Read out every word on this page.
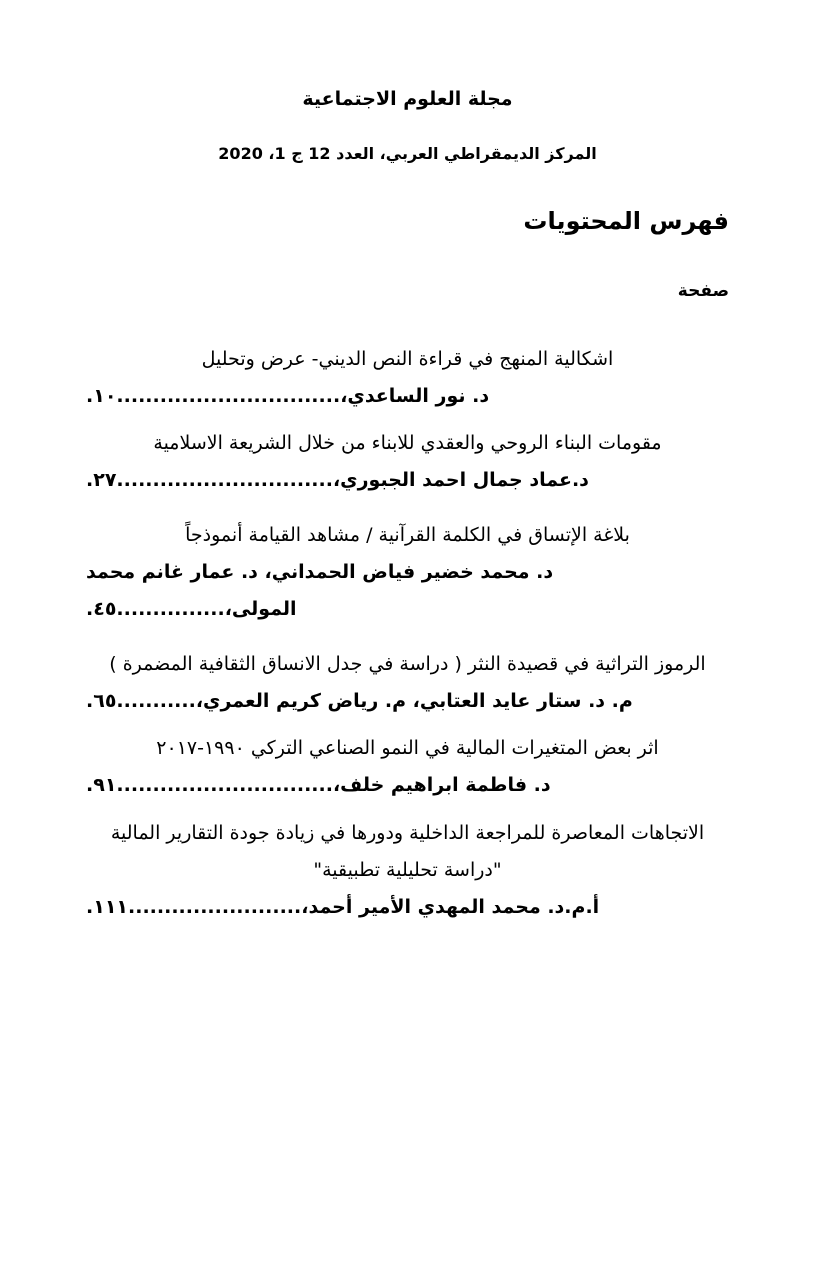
مجلة العلوم الاجتماعية
المركز الديمقراطي العربي، العدد 12 ج 1، 2020
فهرس المحتويات
صفحة
اشكالية المنهج في قراءة النص الديني- عرض وتحليل
د. نور الساعدي،...............................١٠.
مقومات البناء الروحي والعقدي للابناء من خلال الشريعة الاسلامية
د.عماد جمال احمد الجبوري،..............................٢٧.
بلاغة الإتساق في الكلمة القرآنية / مشاهد القيامة أنموذجاً
د. محمد خضير فياض الحمداني، د. عمار غانم محمد المولى،...............٤٥.
الرموز التراثية في قصيدة النثر ( دراسة في جدل الانساق الثقافية المضمرة )
م. د. ستار عايد العتابي، م. رياض كريم العمري،...........٦٥.
اثر بعض المتغيرات المالية في النمو الصناعي التركي ١٩٩٠-٢٠١٧
د. فاطمة ابراهيم خلف،..............................٩١.
الاتجاهات المعاصرة للمراجعة الداخلية ودورها في زيادة جودة التقارير المالية "دراسة تحليلية تطبيقية"
أ.م.د. محمد المهدي الأمير أحمد،........................١١١.
